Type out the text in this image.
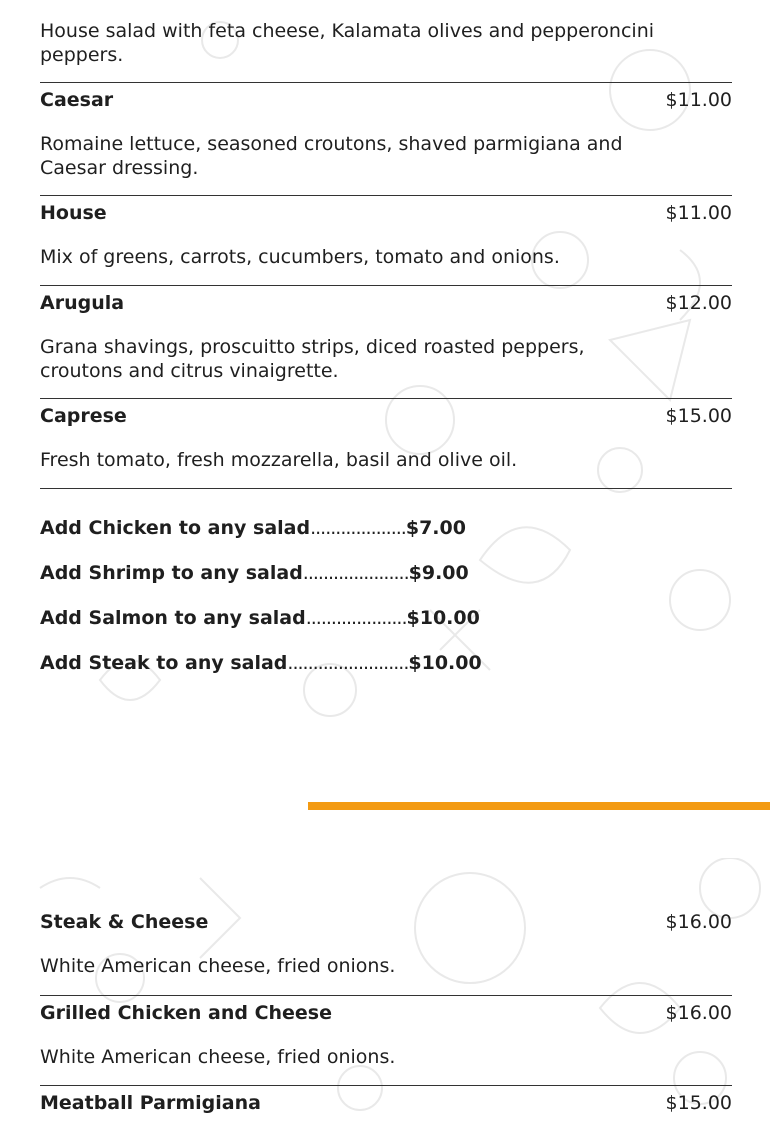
House salad with feta cheese, Kalamata olives and pepperoncini peppers.

Caesar	$11.00
Romaine lettuce, seasoned croutons, shaved parmigiana and Caesar dressing.
House	$11.00
Mix of greens, carrots, cucumbers, tomato and onions.
Arugula	$12.00
Grana shavings, proscuitto strips, diced roasted peppers, croutons and citrus vinaigrette.
Caprese	$15.00
Fresh tomato, fresh mozzarella, basil and olive oil.
Add Chicken to any salad...................$7.00
Add Shrimp to any salad.....................$9.00
Add Salmon to any salad....................$10.00
Add Steak to any salad........................$10.00
Steak & Cheese	$16.00
White American cheese, fried onions.
Grilled Chicken and Cheese	$16.00
White American cheese, fried onions.
Meatball Parmigiana	$15.00
